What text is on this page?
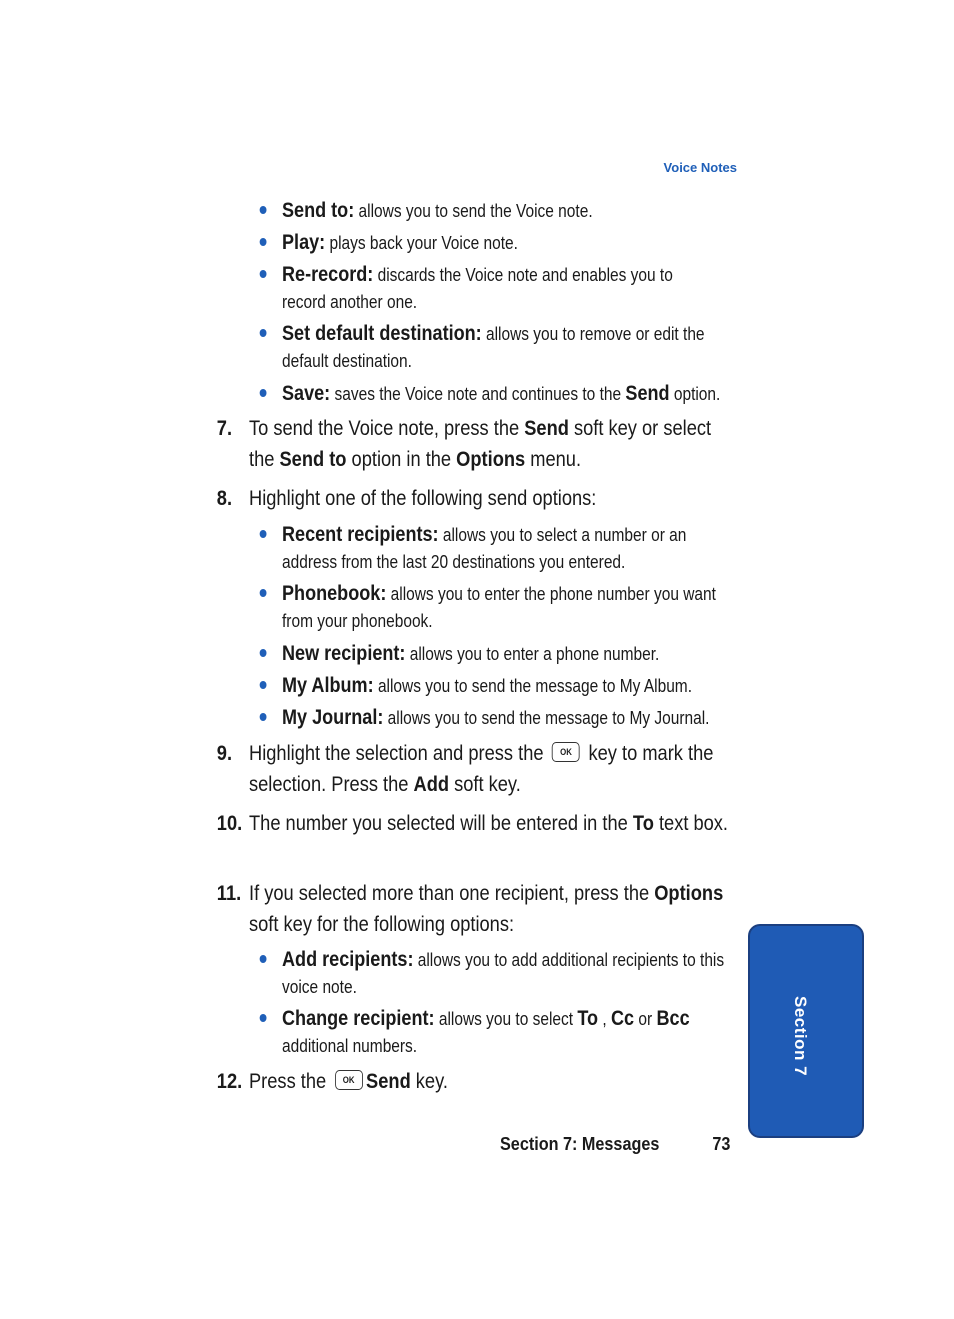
Voice Notes
Send to: allows you to send the Voice note.
Play: plays back your Voice note.
Re-record: discards the Voice note and enables you to record another one.
Set default destination: allows you to remove or edit the default destination.
Save: saves the Voice note and continues to the Send option.
7. To send the Voice note, press the Send soft key or select the Send to option in the Options menu.
8. Highlight one of the following send options:
Recent recipients: allows you to select a number or an address from the last 20 destinations you entered.
Phonebook: allows you to enter the phone number you want from your phonebook.
New recipient: allows you to enter a phone number.
My Album: allows you to send the message to My Album.
My Journal: allows you to send the message to My Journal.
9. Highlight the selection and press the OK key to mark the selection. Press the Add soft key.
10. The number you selected will be entered in the To text box.
11. If you selected more than one recipient, press the Options soft key for the following options:
Add recipients: allows you to add additional recipients to this voice note.
Change recipient: allows you to select To , Cc or Bcc additional numbers.
12. Press the OK Send key.
Section 7
Section 7: Messages	73
